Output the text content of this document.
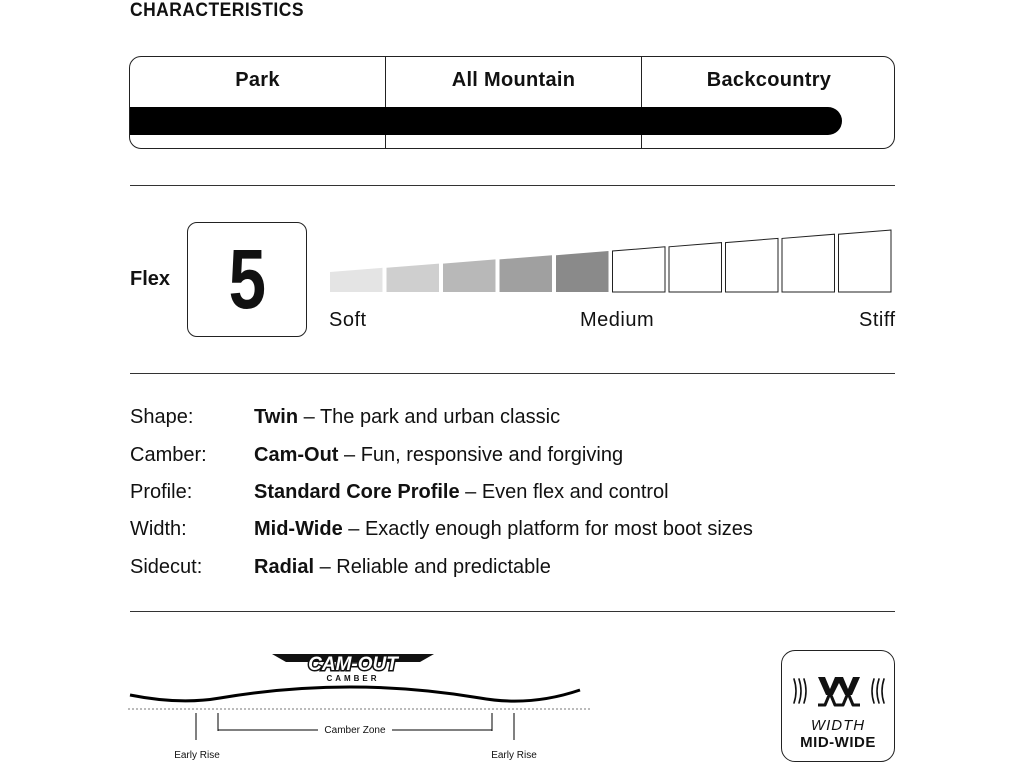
CHARACTERISTICS
Park	All Mountain	Backcountry
Flex 5	Soft	Medium	Stiff
Shape:	Twin – The park and urban classic
Camber: Cam-Out – Fun, responsive and forgiving
Profile:	Standard Core Profile – Even flex and control
Width:	Mid-Wide – Exactly enough platform for most boot sizes
Sidecut:	Radial – Reliable and predictable
CAM-OUT
CAMBER
Camber Zone
Early Rise	Early Rise
WIDTH
MID-WIDE
